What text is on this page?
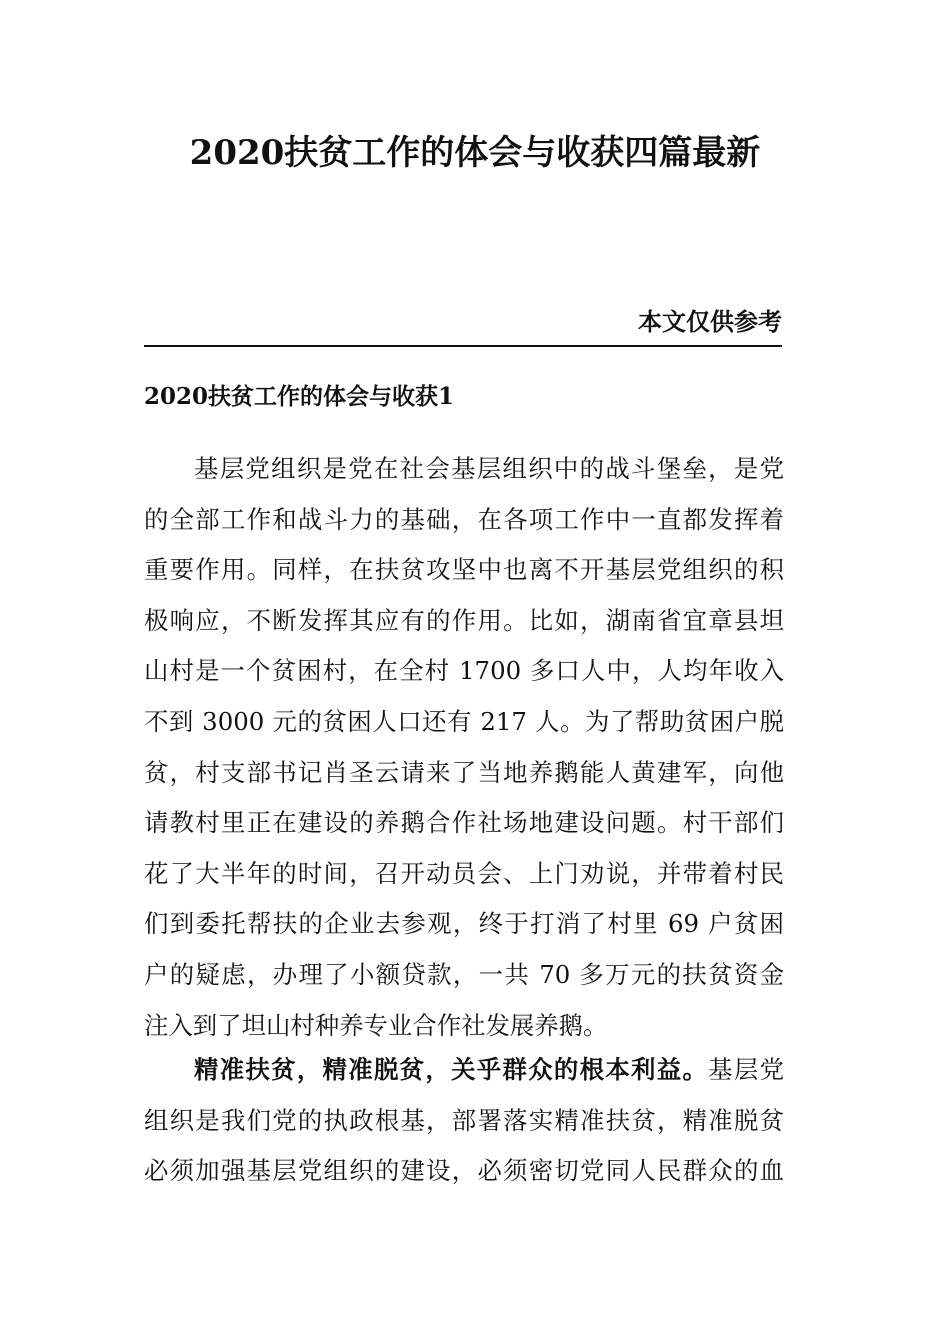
2020扶贫工作的体会与收获四篇最新
本文仅供参考
2020扶贫工作的体会与收获1
基层党组织是党在社会基层组织中的战斗堡垒，是党
的全部工作和战斗力的基础，在各项工作中一直都发挥着
重要作用。同样，在扶贫攻坚中也离不开基层党组织的积
极响应，不断发挥其应有的作用。比如，湖南省宜章县坦
山村是一个贫困村，在全村 1700 多口人中，人均年收入
不到 3000 元的贫困人口还有 217 人。为了帮助贫困户脱
贫，村支部书记肖圣云请来了当地养鹅能人黄建军，向他
请教村里正在建设的养鹅合作社场地建设问题。村干部们
花了大半年的时间，召开动员会、上门劝说，并带着村民
们到委托帮扶的企业去参观，终于打消了村里 69 户贫困
户的疑虑，办理了小额贷款，一共 70 多万元的扶贫资金
注入到了坦山村种养专业合作社发展养鹅。
精准扶贫，精准脱贫，关乎群众的根本利益。基层党
组织是我们党的执政根基，部署落实精准扶贫，精准脱贫
必须加强基层党组织的建设，必须密切党同人民群众的血
